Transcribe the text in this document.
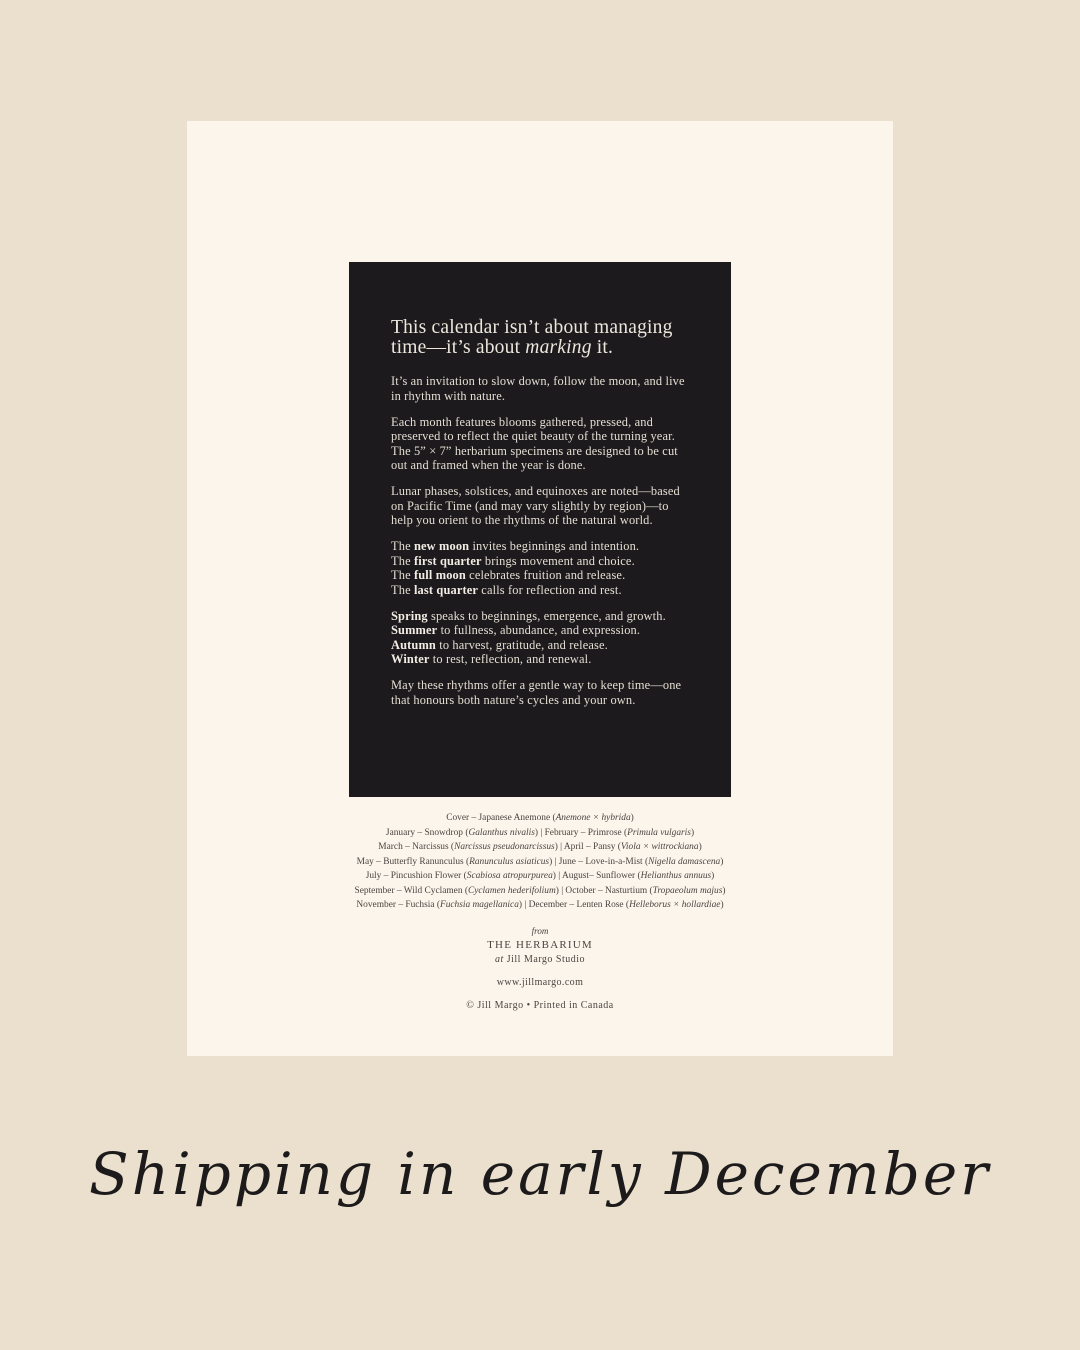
This calendar isn’t about managing time—it’s about marking it.

It’s an invitation to slow down, follow the moon, and live in rhythm with nature.

Each month features blooms gathered, pressed, and preserved to reflect the quiet beauty of the turning year. The 5” × 7” herbarium specimens are designed to be cut out and framed when the year is done.

Lunar phases, solstices, and equinoxes are noted—based on Pacific Time (and may vary slightly by region)—to help you orient to the rhythms of the natural world.

The new moon invites beginnings and intention.
The first quarter brings movement and choice.
The full moon celebrates fruition and release.
The last quarter calls for reflection and rest.

Spring speaks to beginnings, emergence, and growth.
Summer to fullness, abundance, and expression.
Autumn to harvest, gratitude, and release.
Winter to rest, reflection, and renewal.

May these rhythms offer a gentle way to keep time—one that honours both nature’s cycles and your own.

Cover – Japanese Anemone (Anemone × hybrida)
January – Snowdrop (Galanthus nivalis) | February – Primrose (Primula vulgaris)
March – Narcissus (Narcissus pseudonarcissus) | April – Pansy (Viola × wittrockiana)
May – Butterfly Ranunculus (Ranunculus asiaticus) | June – Love-in-a-Mist (Nigella damascena)
July – Pincushion Flower (Scabiosa atropurpurea) | August– Sunflower (Helianthus annuus)
September – Wild Cyclamen (Cyclamen hederifolium) | October – Nasturtium (Tropaeolum majus)
November – Fuchsia (Fuchsia magellanica) | December – Lenten Rose (Helleborus × hollardiae)
from
THE HERBARIUM
at Jill Margo Studio
www.jillmargo.com
© Jill Margo • Printed in Canada
Shipping in early December
